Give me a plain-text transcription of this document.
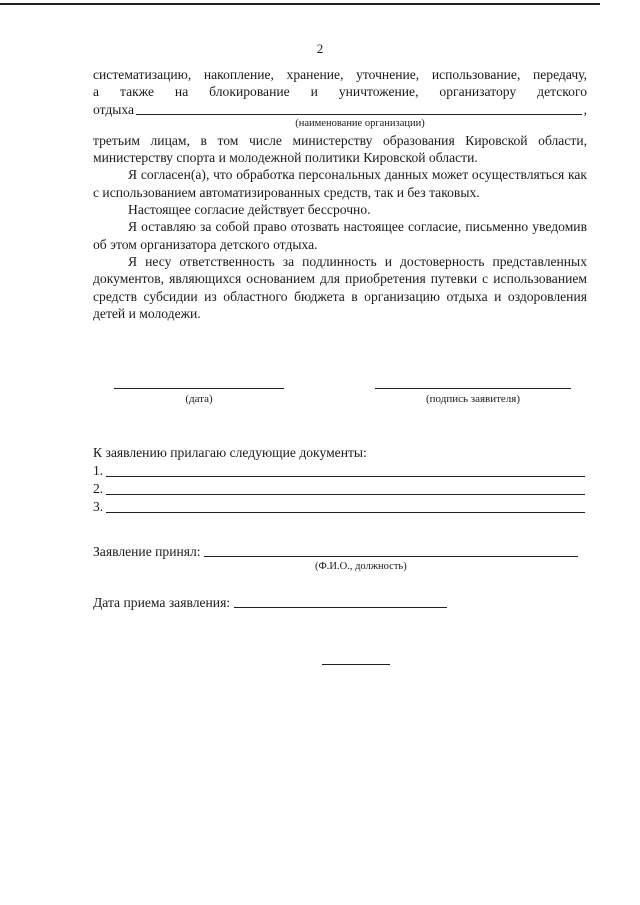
2

систематизацию, накопление, хранение, уточнение, использование, передачу,

а также на блокирование и уничтожение, организатору детского

отдыха	,

(наименование организации)

третьим лицам, в том числе министерству образования Кировской области, министерству спорта и молодежной политики Кировской области.

Я согласен(а), что обработка персональных данных может осуществляться как с использованием автоматизированных средств, так и без таковых.

Настоящее согласие действует бессрочно.

Я оставляю за собой право отозвать настоящее согласие, письменно уведомив об этом организатора детского отдыха.

Я несу ответственность за подлинность и достоверность представленных документов, являющихся основанием для приобретения путевки с использованием средств субсидии из областного бюджета в организацию отдыха и оздоровления детей и молодежи.

(дата)	(подпись заявителя)
К заявлению прилагаю следующие документы:
1.
2.
3.
Заявление принял:
(Ф.И.О., должность)
Дата приема заявления:
